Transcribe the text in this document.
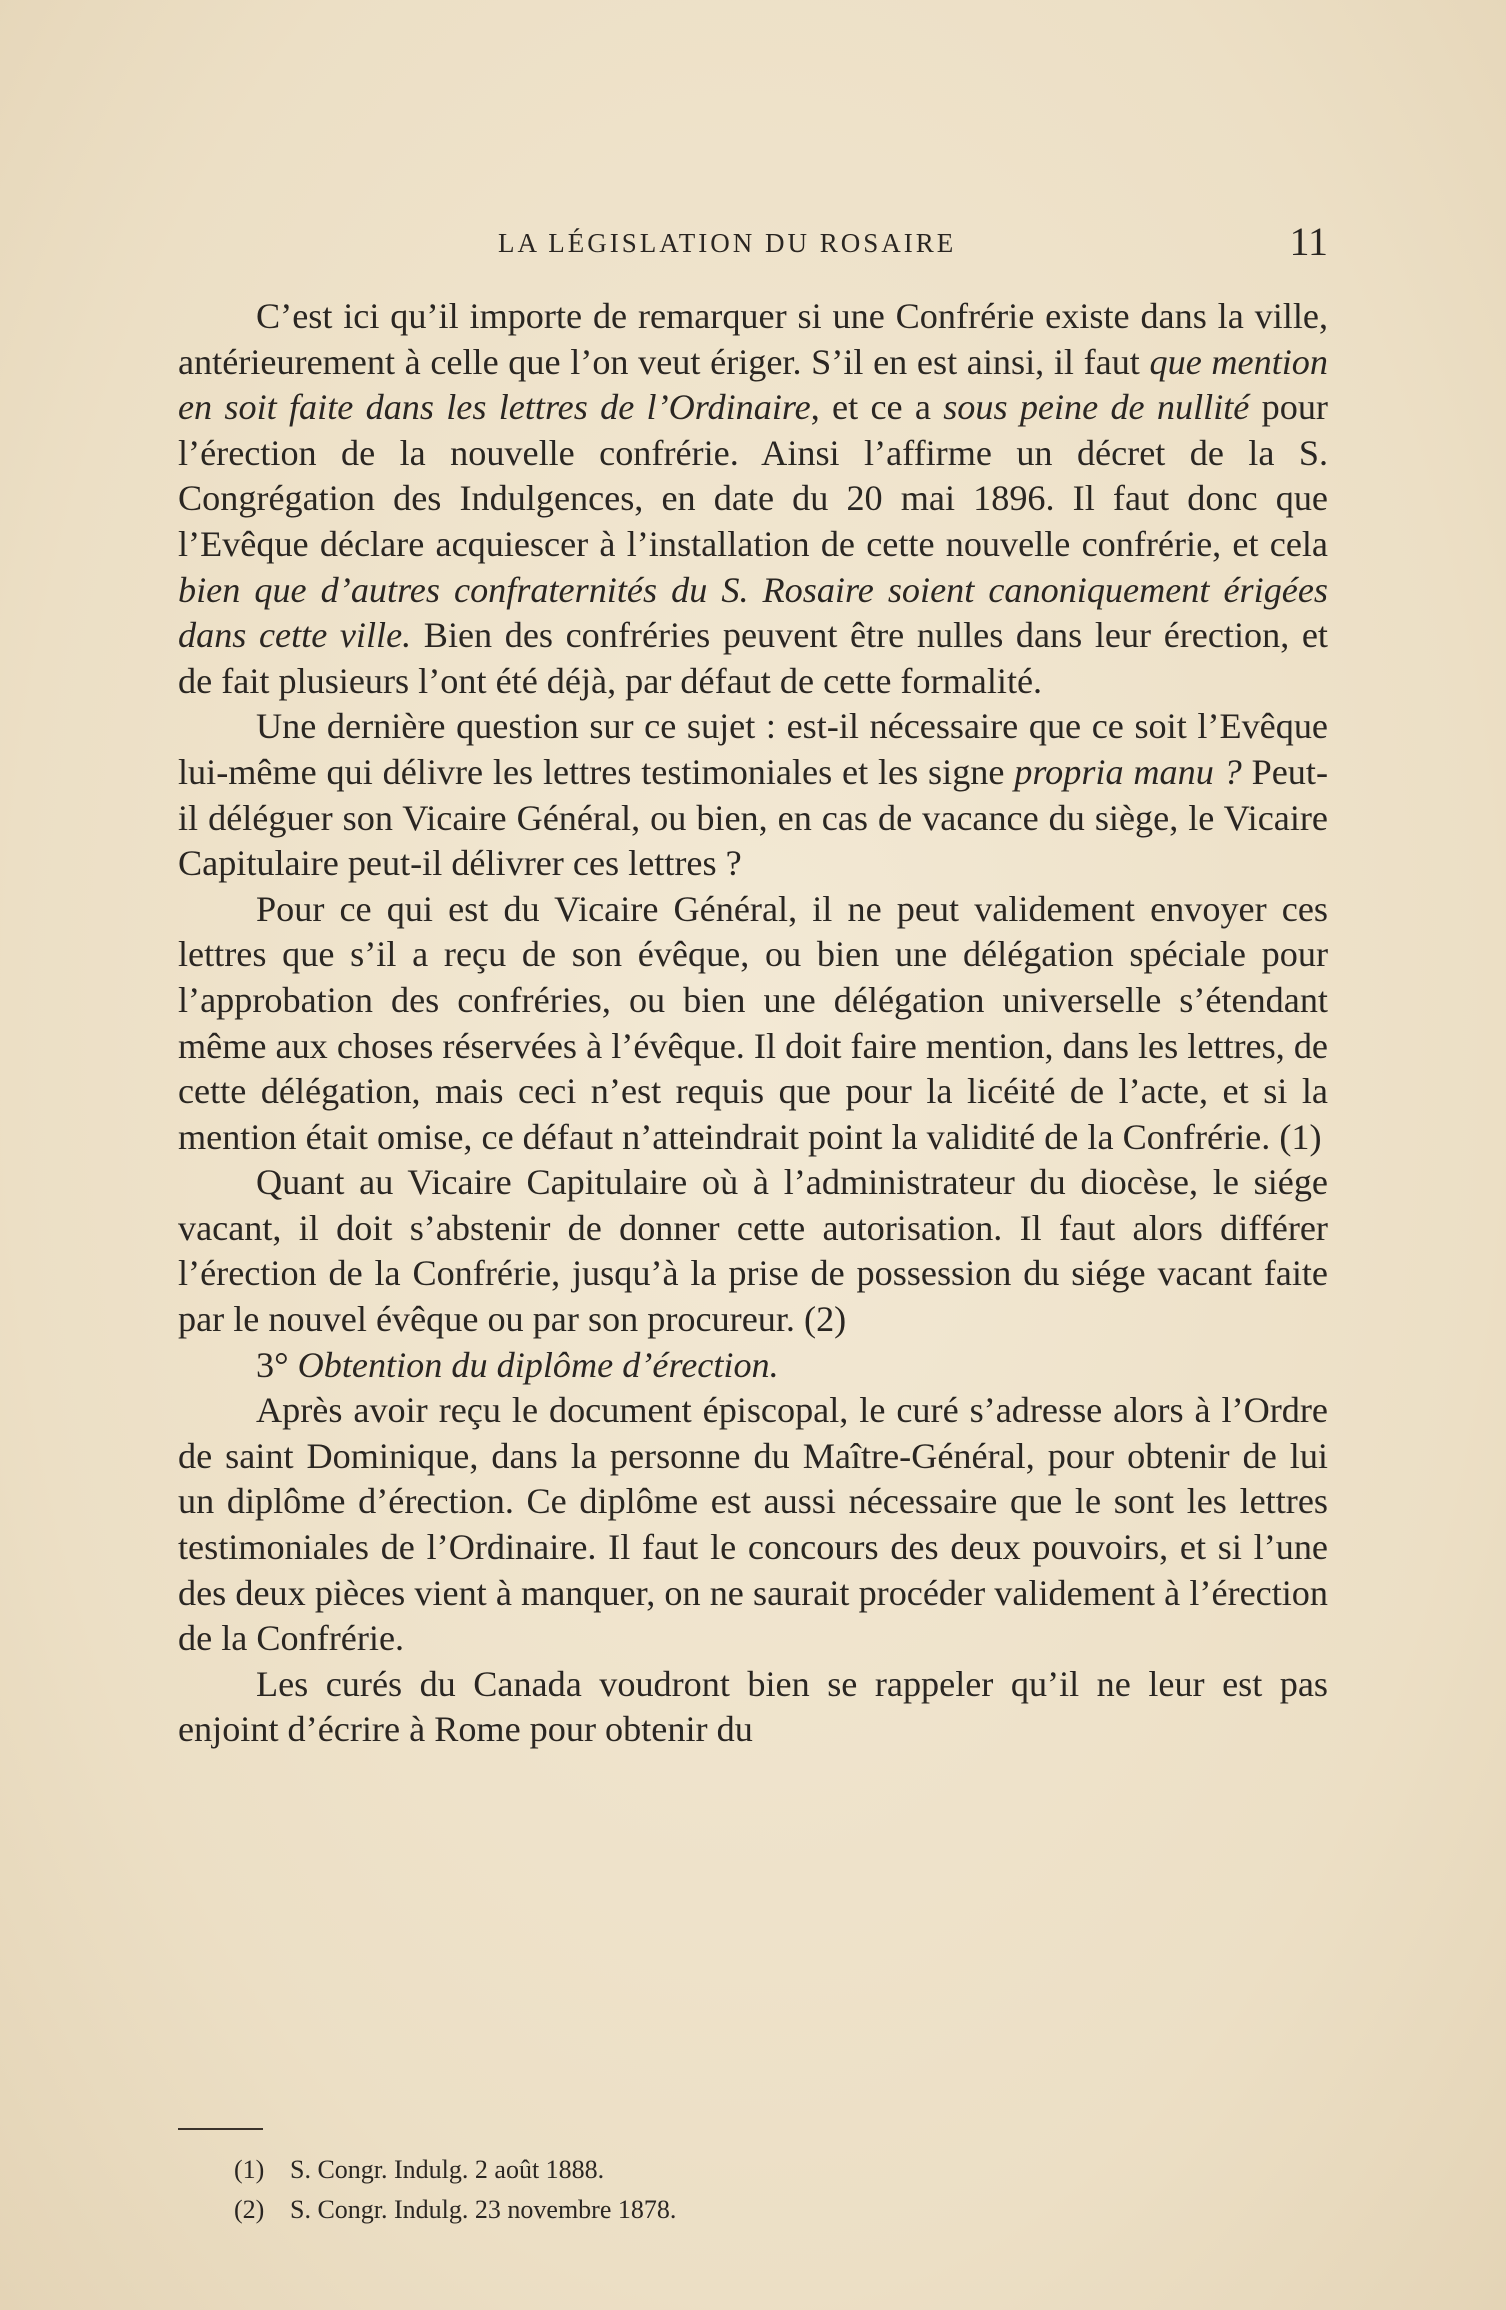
LA LÉGISLATION DU ROSAIRE	11

C’est ici qu’il importe de remarquer si une Confrérie existe dans la ville, antérieurement à celle que l’on veut ériger. S’il en est ainsi, il faut que mention en soit faite dans les lettres de l’Ordinaire, et ce a sous peine de nullité pour l’érection de la nouvelle confrérie. Ainsi l’affirme un décret de la S. Congrégation des Indulgences, en date du 20 mai 1896. Il faut donc que l’Evêque déclare acquiescer à l’installation de cette nouvelle confrérie, et cela bien que d’autres confraternités du S. Rosaire soient canoniquement érigées dans cette ville. Bien des confréries peuvent être nulles dans leur érection, et de fait plusieurs l’ont été déjà, par défaut de cette formalité.

Une dernière question sur ce sujet : est-il nécessaire que ce soit l’Evêque lui-même qui délivre les lettres testimoniales et les signe propria manu ? Peut-il déléguer son Vicaire Général, ou bien, en cas de vacance du siège, le Vicaire Capitulaire peut-il délivrer ces lettres ?

Pour ce qui est du Vicaire Général, il ne peut validement envoyer ces lettres que s’il a reçu de son évêque, ou bien une délégation spéciale pour l’approbation des confréries, ou bien une délégation universelle s’étendant même aux choses réservées à l’évêque. Il doit faire mention, dans les lettres, de cette délégation, mais ceci n’est requis que pour la licéité de l’acte, et si la mention était omise, ce défaut n’atteindrait point la validité de la Confrérie. (1)

Quant au Vicaire Capitulaire où à l’administrateur du diocèse, le siége vacant, il doit s’abstenir de donner cette autorisation. Il faut alors différer l’érection de la Confrérie, jusqu’à la prise de possession du siége vacant faite par le nouvel évêque ou par son procureur. (2)

3° Obtention du diplôme d’érection.

Après avoir reçu le document épiscopal, le curé s’adresse alors à l’Ordre de saint Dominique, dans la personne du Maître-Général, pour obtenir de lui un diplôme d’érection. Ce diplôme est aussi nécessaire que le sont les lettres testimoniales de l’Ordinaire. Il faut le concours des deux pouvoirs, et si l’une des deux pièces vient à manquer, on ne saurait procéder validement à l’érection de la Confrérie.

Les curés du Canada voudront bien se rappeler qu’il ne leur est pas enjoint d’écrire à Rome pour obtenir du

(1) S. Congr. Indulg. 2 août 1888.
(2) S. Congr. Indulg. 23 novembre 1878.
